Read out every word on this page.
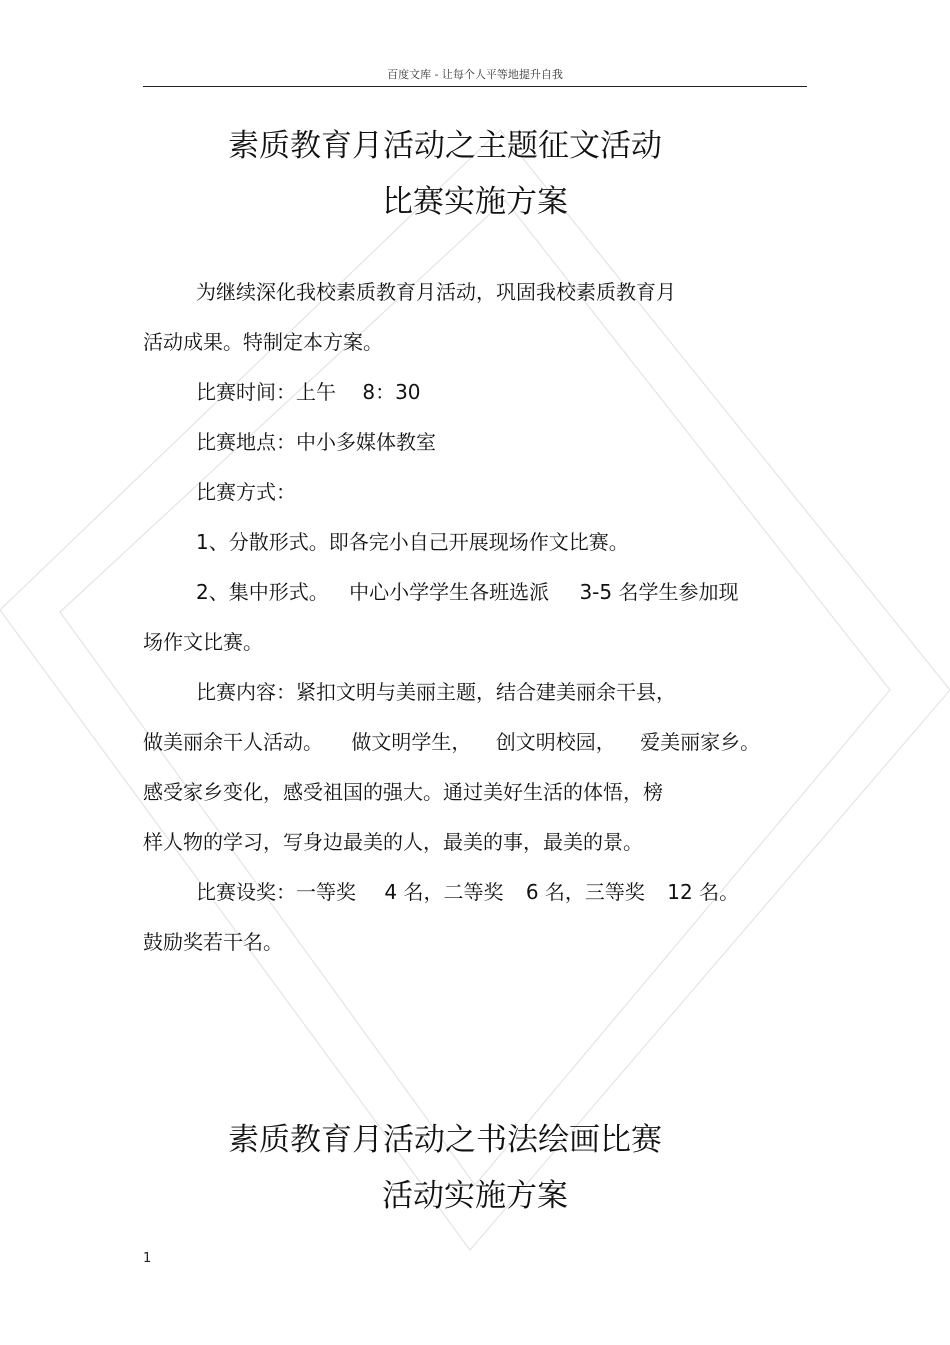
百度文库 - 让每个人平等地提升自我
素质教育月活动之主题征文活动
比赛实施方案
为继续深化我校素质教育月活动，巩固我校素质教育月
活动成果。特制定本方案。
比赛时间：上午 8：30
比赛地点：中小多媒体教室
比赛方式：
1、分散形式。即各完小自己开展现场作文比赛。
2、集中形式。 中心小学学生各班选派 3-5 名学生参加现
场作文比赛。
比赛内容：紧扣文明与美丽主题，结合建美丽余干县，
做美丽余干人活动。 做文明学生， 创文明校园， 爱美丽家乡。
感受家乡变化，感受祖国的强大。通过美好生活的体悟，榜
样人物的学习，写身边最美的人，最美的事，最美的景。
比赛设奖：一等奖 4 名，二等奖 6 名，三等奖 12 名。
鼓励奖若干名。
素质教育月活动之书法绘画比赛
活动实施方案
1
